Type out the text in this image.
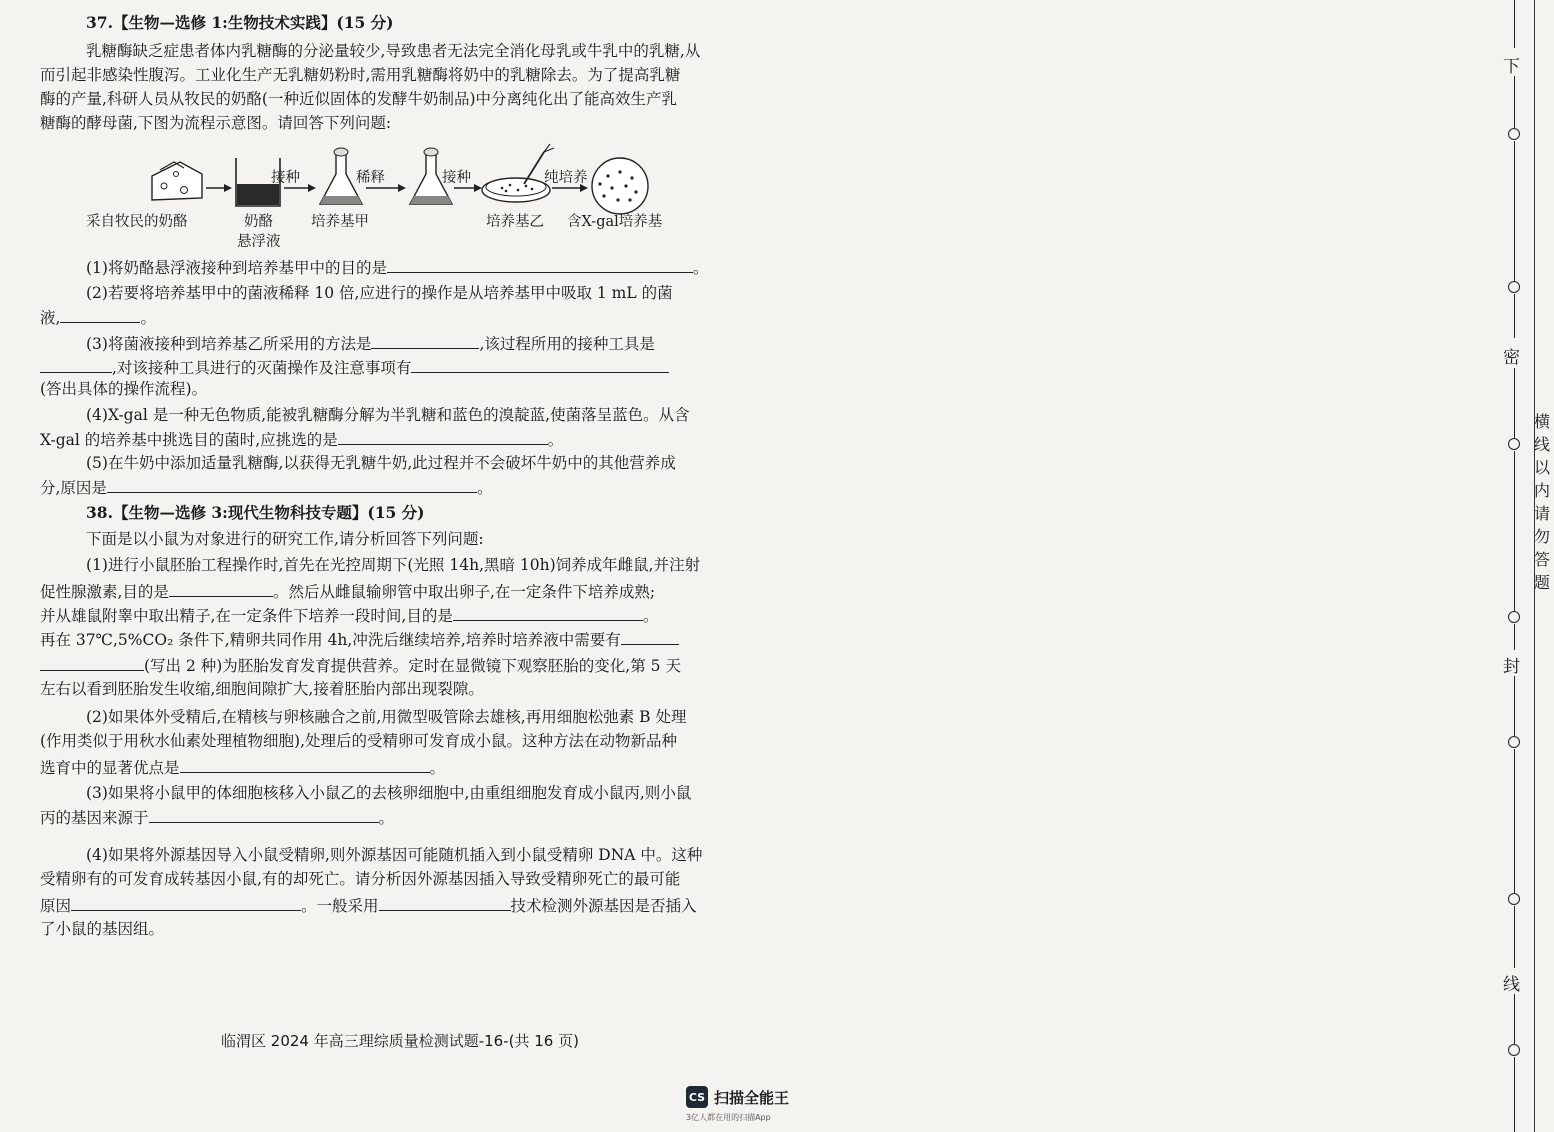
37.【生物—选修 1:生物技术实践】(15 分)
乳糖酶缺乏症患者体内乳糖酶的分泌量较少,导致患者无法完全消化母乳或牛乳中的乳糖,从
而引起非感染性腹泻。工业化生产无乳糖奶粉时,需用乳糖酶将奶中的乳糖除去。为了提高乳糖
酶的产量,科研人员从牧民的奶酪(一种近似固体的发酵牛奶制品)中分离纯化出了能高效生产乳
糖酶的酵母菌,下图为流程示意图。请回答下列问题:
接种	稀释	接种	纯培养
采自牧民的奶酪	奶酪
悬浮液
培养基甲	培养基乙 含X-gal培养基
(1)将奶酪悬浮液接种到培养基甲中的目的是	。
(2)若要将培养基甲中的菌液稀释 10 倍,应进行的操作是从培养基甲中吸取 1 mL 的菌
液,	。
(3)将菌液接种到培养基乙所采用的方法是	,该过程所用的接种工具是
,对该接种工具进行的灭菌操作及注意事项有
(答出具体的操作流程)。
(4)X-gal 是一种无色物质,能被乳糖酶分解为半乳糖和蓝色的溴靛蓝,使菌落呈蓝色。从含
X-gal 的培养基中挑选目的菌时,应挑选的是	。
(5)在牛奶中添加适量乳糖酶,以获得无乳糖牛奶,此过程并不会破坏牛奶中的其他营养成
分,原因是	。
38.【生物—选修 3:现代生物科技专题】(15 分)
下面是以小鼠为对象进行的研究工作,请分析回答下列问题:
(1)进行小鼠胚胎工程操作时,首先在光控周期下(光照 14h,黑暗 10h)饲养成年雌鼠,并注射
促性腺激素,目的是	。然后从雌鼠输卵管中取出卵子,在一定条件下培养成熟;
并从雄鼠附睾中取出精子,在一定条件下培养一段时间,目的是	。
再在 37℃,5%CO₂ 条件下,精卵共同作用 4h,冲洗后继续培养,培养时培养液中需要有
(写出 2 种)为胚胎发育发育提供营养。定时在显微镜下观察胚胎的变化,第 5 天
左右以看到胚胎发生收缩,细胞间隙扩大,接着胚胎内部出现裂隙。
(2)如果体外受精后,在精核与卵核融合之前,用微型吸管除去雄核,再用细胞松弛素 B 处理
(作用类似于用秋水仙素处理植物细胞),处理后的受精卵可发育成小鼠。这种方法在动物新品种
选育中的显著优点是	。
(3)如果将小鼠甲的体细胞核移入小鼠乙的去核卵细胞中,由重组细胞发育成小鼠丙,则小鼠
丙的基因来源于	。
(4)如果将外源基因导入小鼠受精卵,则外源基因可能随机插入到小鼠受精卵 DNA 中。这种
受精卵有的可发育成转基因小鼠,有的却死亡。请分析因外源基因插入导致受精卵死亡的最可能
原因	。一般采用	技术检测外源基因是否插入
了小鼠的基因组。
临渭区 2024 年高三理综质量检测试题-16-(共 16 页)
下
密
封
线
横线以内请勿答题
CS 扫描全能王
3亿人都在用的扫描App
